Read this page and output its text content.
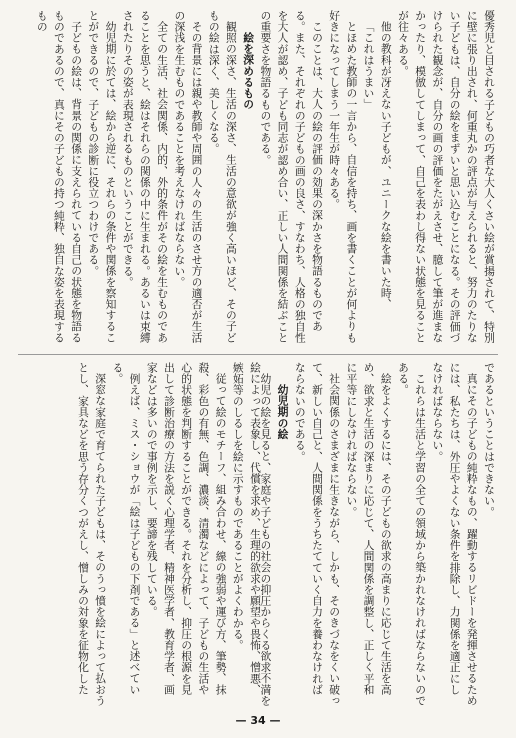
優秀児と目される子どもの巧者な大人くさい絵が賞揚されて、特別に壁に張り出され、何重丸かの評点が与えられると、努力のたりない子どもは、自分の絵をまずいと思い込むことになる。その評価づけられた観念が、自分の画の評価をたがえさせ、臆して筆が進まなかったり、模倣してしまって、自己を表わし得ない状態を見ることが往々ある。

他の教科が冴えない子どもが、ユニークな絵を書いた時、

「これはうまい」

とほめた教師の一言から、自信を持ち、画を書くことが何よりも好きになってしまう一年生が時々ある。

このことは、大人の絵の評価の効果の深かさを物語るものである。また、それぞれの子どもの画の良さ、すなわち、人格の独自性を大人が認め、子ども同志が認め合い、正しい人間関係を結ぶことの重要さを物語るものである。

絵を深めるもの

観照の深さ、生活の深さ、生活の意欲が強く高いほど、その子どもの絵は深く、美しくなる。

その背景には親や教師や周囲の人々の生活のさせ方の適否が生活の深浅を生むものであることを考えなければならない。

全ての生活、社会関係、内的、外的条件がその絵を生むものであることを思うと、絵はそれらの関係の中に生まれる。あるいは束縛されたりその姿が表現されるものということができる。

幼児期に於ては、絵から逆に、それらの条件や関係を察知することができるので、子どもの診断に役立つわけである。

子どもの絵は、背景の関係に支えられている自己の状態を物語るものであるので、真にその子どもの持つ純粋、独自な姿を表現するもの

であるということはできない。

真にその子どもの純粋なもの、躍動するリビドーを発揮させるためには、私たちは、外圧やよくない条件を排除し、力関係を適正にしなければならない。

これらは生活と学習の全ての領域から築かれなければならないのである。

絵をよくするには、その子どもの欲求の高まりに応じて生活を高め、欲求と生活の深まりに応じて、人間関係を調整し、正しく平和に平等にしなければならない。

社会関係のさまざまに生きながら、しかも、そのきづなをくい破って、新しい自己と、人間関係をうちたてていく自力を養わなければならないのである。

幼児期の絵

幼児の絵を見ると、家庭や子どもの社会の抑圧からくる欲求不満を

絵によって表象し、代償を求め、生理的欲求や願望や畏怖、憎悪、嫉妬等のしるしを絵に示すものであることがよくわかる。

従って絵のモチーフ、組み合わせ、線の強弱や運び方、筆勢、抹殺、彩色の有無、色調、濃淡、清濁などによって、子どもの生活や心的状態を判断することができる。それを分析し、抑圧の根源を見出して診断治療の方法を説く心理学者、精神医学者、教育学者、画家などは多いので事例を示し、要諦を残している。

例えば、ミス・ショウが「絵は子どもの下剤である」と述べている。

深窓な家庭で育てられた子どもは、そのうっ憤を絵によって払おうとし、家具などを思う存分くつがえし、憎しみの対象を征物化した

— 34 —
